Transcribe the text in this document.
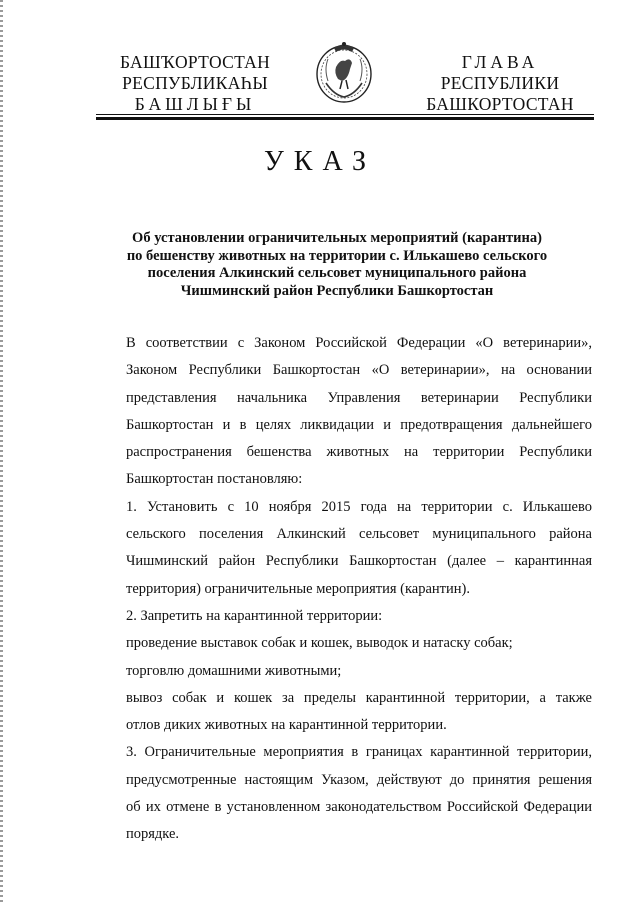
БАШҠОРТОСТАН
РЕСПУБЛИКАҺЫ
БАШЛЫҒЫ
ГЛАВА
РЕСПУБЛИКИ
БАШКОРТОСТАН
УКАЗ
Об установлении ограничительных мероприятий (карантина)
по бешенству животных на территории с. Илькашево сельского
поселения Алкинский сельсовет муниципального района
Чишминский район Республики Башкортостан
В соответствии с Законом Российской Федерации «О ветеринарии»,
Законом Республики Башкортостан «О ветеринарии», на основании
представления начальника Управления ветеринарии Республики
Башкортостан и в целях ликвидации и предотвращения дальнейшего
распространения бешенства животных на территории Республики
Башкортостан постановляю:
1. Установить с 10 ноября 2015 года на территории с. Илькашево
сельского поселения Алкинский сельсовет муниципального района
Чишминский район Республики Башкортостан (далее – карантинная
территория) ограничительные мероприятия (карантин).
2. Запретить на карантинной территории:
проведение выставок собак и кошек, выводок и натаску собак;
торговлю домашними животными;
вывоз собак и кошек за пределы карантинной территории, а также
отлов диких животных на карантинной территории.
3. Ограничительные мероприятия в границах карантинной территории,
предусмотренные настоящим Указом, действуют до принятия решения
об их отмене в установленном законодательством Российской Федерации
порядке.
